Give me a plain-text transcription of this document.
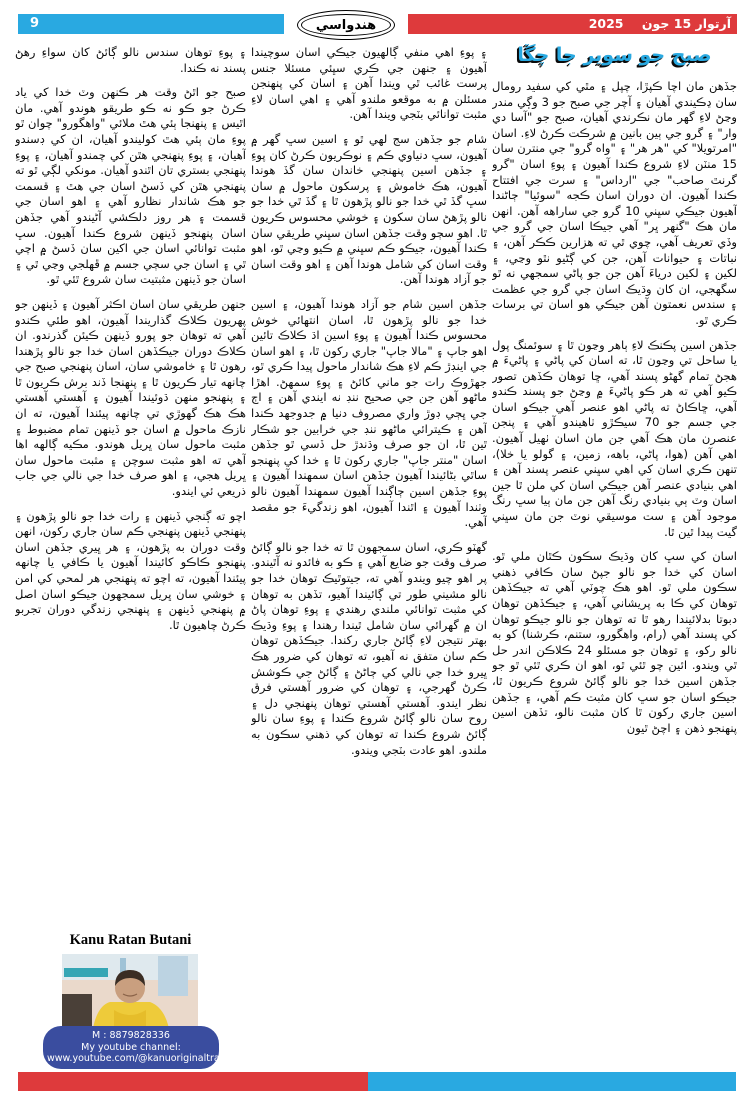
9	هندواسي	آرتوار 15 جون 2025
صبح جو سوير جا چڱا

جڏهن مان اچا ڪپڙا، چپل ۽ مٿي کي سفيد رومال سان ڍڪيندي آهيان ۽ آچر جي صبح جو 3 وڳي مندر وڃڻ لاءِ گهر مان نڪرندي آهيان، صبح جو "آسا دي وار" ۽ گرو جي ٻين بانين ۾ شرڪت ڪرڻ لاءِ. اسان "امرتويلا" کي "هر هر" ۽ "واه گرو" جي منترن سان 15 منٽن لاءِ شروع ڪندا آهيون ۽ پوءِ اسان "گرو گرنٿ صاحب" جي "ارداس" ۽ سرت جي افتتاح ڪندا آهيون. ان دوران اسان ڪجه "سوئيا" ڄاڻندا آهيون جيڪي سڀني 10 گرو جي ساراهه آهن. انهن مان هڪ "گنهر ڀر" آهي جيڪا اسان جي گرو جي وڏي تعريف آهي، چوي ٿي ته هزارين ڪڪر آهن، ۽ نباتات ۽ حيوانات آهن، جن کي ڳڻيو نٿو وڃي، ۽ لکين ۽ لکين درياءَ آهن جن جو پاڻي سمجهي نه ٿو سگهجي، ان کان وڌيڪ اسان جي گرو جي عظمت ۽ سندس نعمتون آهن جيڪي هو اسان تي برسات ڪري ٿو.

جڏهن اسين پڪنڪ لاءِ ٻاهر وڃون ٿا ۽ سوئمنگ پول يا ساحل تي وڃون ٿا، ته اسان کي پاڻي ۽ پاڻيءَ ۾ هجڻ تمام گهڻو پسند آهي، ڇا توهان ڪڏهن تصور ڪيو آهي ته هر ڪو پاڻيءَ ۾ وڃڻ جو پسند ڪندو آهي، ڇاڪاڻ ته پاڻي اهو عنصر آهي جيڪو اسان جي جسم جو 70 سيڪڙو ٺاهيندو آهي ۽ پنجن عنصرن مان هڪ آهي جن مان اسان ٺهيل آهيون. اهي آهن (هوا، پاڻي، باهه، زمين، ۽ گولو يا خلا)، تنهن ڪري اسان کي اهي سڀني عنصر پسند آهن ۽ اهي بنيادي عنصر آهن جيڪي اسان کي ملن ٿا جين اسان وٽ ٻي بنيادي رنگ آهن جن مان ٻيا سڀ رنگ موجود آهن ۽ ست موسيقي نوٽ جن مان سڀني گيت پيدا ٿين ٿا.

اسان کي سڀ کان وڌيڪ سڪون ڪٿان ملي ٿو. اسان کي خدا جو نالو جپڻ سان ڪافي ذهني سڪون ملي ٿو. اهو هڪ چوٽي آهي ته جيڪڏهن توهان کي ڪا به پريشاني آهي، ۽ جيڪڏهن توهان دبوتا بدلائيندا رهو ٿا ته توهان جو نالو جيڪو توهان کي پسند آهي (رام، واهگورو، ستنم، ڪرشنا) کو به نالو رکو، ۽ توهان جو مسئلو 24 ڪلاڪن اندر حل ٿي ويندو. ائين چو ٿئي ٿو، اهو ان ڪري ٿئي ٿو جو جڏهن اسين خدا جو نالو ڳائڻ شروع ڪريون ٿا، جيڪو اسان جو سڀ کان مثبت ڪم آهي، ۽ جڏهن اسين جاري رکون ٿا کان مثبت نالو، تڏهن اسين پنهنجو ذهن ۽ اچڻ ٿيون

۽ پوءِ اهي منفي ڳالهيون جيڪي اسان سوچيندا آهيون ۽ جنهن جي ڪري سڀئي مسئلا جنس پرست غائب ٿي ويندا آهن ۽ اسان کي پنهنجن مسئلن ۾ به موقعو ملندو آهي ۽ اهي اسان لاءِ مثبت توانائي بٽجي ويندا آهن.

شام جو جڏهن سج لهي ٿو ۽ اسين سڀ گهر ۾ آهيون، سڀ دنياوي ڪم ۽ نوڪريون ڪرڻ کان پوءِ ۽ جڏهن اسين پنهنجي خاندان سان گڏ هوندا آهيون، هڪ خاموش ۽ پرسکون ماحول ۾ سان سڀ گڏ ٿي خدا جو نالو پڙهون ٿا ۽ گڏ ٿي خدا جو نالو پڙهڻ سان سکون ۽ خوشي محسوس ڪريون ٿا. اهو سڄو وقت جڏهن اسان سڀني طريقي سان ڪندا آهيون، جيڪو ڪم سڀني ۾ ڪيو وڃي ٿو، اهو وقت اسان کي شامل هوندا آهن ۽ اهو وقت اسان جو آزاد هوندا آهن.

جڏهن اسين شام جو آزاد هوندا آهيون، ۽ اسين خدا جو نالو پڙهون ٿا، اسان انتهائي خوش محسوس ڪندا آهيون ۽ پوءِ اسين اڌ ڪلاڪ تائين اهو جاپ ۽ "مالا جاپ" جاري رکون ٿا، ۽ اهو اسان جي اينڊڙ ڪم لاءِ هڪ شاندار ماحول پيدا ڪري ٿو، جهڙوڪ رات جو ماني کائڻ ۽ پوءِ سمهڻ. اهڙا ماڻهو آهن جن جي صحيح ننڊ نه ايندي آهن ۽ اڄ جي ڀڄي ڊوڙ واري مصروف دنيا ۾ جدوجهد ڪندا آهن ۽ ڪيترائي ماڻهو ننڊ جي خرابين جو شڪار ٿين ٿا، ان جو صرف وڌندڙ حل ڏسي ٿو جڏهن اسان "منتر جاپ" جاري رکون ٿا ۽ خدا کي پنهنجو ساٿي بڻائيندا آهيون جڏهن اسان سمهندا آهيون ۽ پوءِ جڏهن اسين ڄاڳندا آهيون سمهندا آهيون نالو وٺندا آهيون ۽ اٿندا آهيون، اهو زندگيءَ جو مقصد آهي.

گهٽو ڪري، اسان سمجهون ٿا ته خدا جو نالو ڳائڻ صرف وقت جو ضايع آهي ۽ ڪو به فائدو نه آٿيندو. پر اهو چيو ويندو آهي ته، جيتوٿيڪ توهان خدا جو نالو مشيني طور تي ڳائيندا آهيو، تڏهن به توهان کي مثبت توانائي ملندي رهندي ۽ پوءِ توهان پاڻ ان ۾ گهرائي سان شامل ٿيندا رهندا ۽ پوءِ وڌيڪ بهتر نتيجن لاءِ ڳائڻ جاري رکندا. جيڪڏهن توهان ڪم سان متفق نه آهيو، ته توهان کي ضرور هڪ ڀيرو خدا جي نالي کي ڄاڻڻ ۽ ڳائڻ جي ڪوشش ڪرڻ گهرجي، ۽ توهان کي ضرور آهستي فرق نظر ايندو. آهستي آهستي توهان پنهنجي دل ۽ روح سان نالو ڳائڻ شروع ڪندا ۽ پوءِ سان نالو ڳائڻ شروع ڪندا ته توهان کي ذهني سڪون به ملندو. اهو عادت بٽجي ويندو.

۽ پوءِ توهان سندس نالو ڳائڻ کان سواءِ رهڻ پسند نه ڪندا.

صبح جو اٿڻ وقت هر ڪنهن وٽ خدا کي ياد ڪرڻ جو ڪو نه ڪو طريقو هوندو آهي. مان اٿيس ۽ پنهنجا ٻئي هٿ ملائي "واهگورو" چوان ٿو پوءِ مان ٻئي هٿ کوليندو آهيان، ان کي ڊسندو آهيان، ۽ پوءِ پنهنجي هٿن کي چمندو آهيان، ۽ پوءِ پنهنجي بستري تان اٿندو آهيان. مونکي لڳي ٿو ته پنهنجي هٿن کي ڏسڻ اسان جي هٿ ۽ قسمت جو هڪ شاندار نظارو آهي ۽ اهو اسان جي قسمت ۽ هر روز دلڪشي آڻيندو آهي جڏهن اسان پنهنجو ڏينهن شروع ڪندا آهيون. سڀ مثبت توانائي اسان جي اکين سان ڏسڻ ۾ اچي ٿي ۽ اسان جي سڄي جسم ۾ ڦهلجي وڃي ٿي ۽ اسان جو ڏينهن مثبتيت سان شروع ٿئي ٿو.

جنهن طريقي سان اسان اڪثر آهيون ۽ ڏينهن جو پهريون ڪلاڪ گذاريندا آهيون، اهو طئي ڪندو آهي ته توهان جو پورو ڏينهن ڪيئن گذرندو. ان ڪلاڪ دوران جيڪڏهن اسان خدا جو نالو پڙهندا رهون ٿا ۽ خاموشي سان، اسان پنهنجي صبح جي چانهه تيار ڪريون ٿا ۽ پنهنجا ڏند برش ڪريون ٿا ۽ پنهنجو منهن ڌوئيندا آهيون ۽ آهستي آهستي هڪ هڪ گهوڙي تي چانهه پيئندا آهيون، ته ان نازڪ ماحول ۾ اسان جو ڏينهن تمام مضبوط ۽ مثبت ماحول سان ڀريل هوندو. مڪيه ڳالهه اها آهي ته اهو مثبت سوچن ۽ مثبت ماحول سان ڀريل هجي، ۽ اهو صرف خدا جي نالي جي جاب ذريعي ئي ايندو.

اچو ته ڳنجي ڏينهن ۽ رات خدا جو نالو پڙهون ۽ پنهنجي ڏينهن پنهنجي ڪم سان جاري رکون، انهن وقت دوران به پڙهون، ۽ هر ڀيري جڏهن اسان پنهنجو ڪاڪو کائيندا آهيون يا ڪافي يا چانهه پيئندا آهيون، ته اچو ته پنهنجي هر لمحي کي امن ۽ خوشي سان ڀريل سمجهون جيڪو اسان اصل ۾ پنهنجي ڏينهن ۽ پنهنجي زندگي دوران تجربو ڪرڻ چاهيون ٿا.

Kanu Ratan Butani
M : 8879828336
My youtube channel:
www.youtube.com/@kanuoriginaltracks
